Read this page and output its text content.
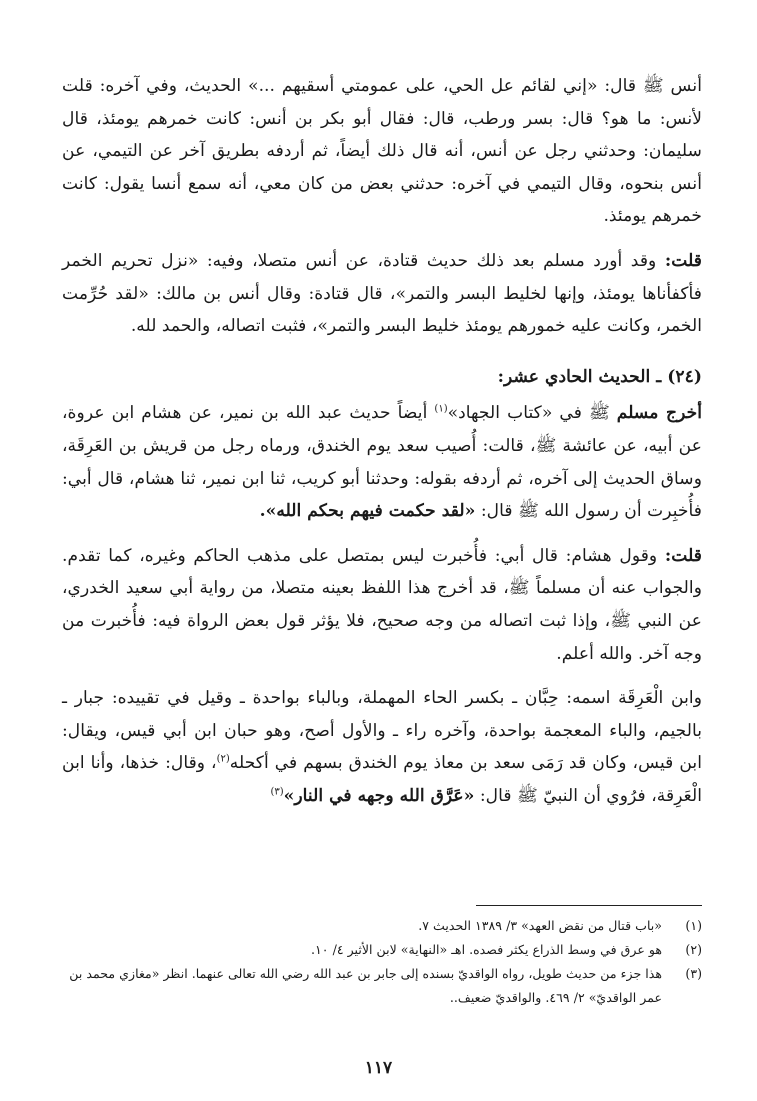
أنس ﷺ قال: «إني لقائم عل الحي، على عمومتي أسقيهم ...» الحديث، وفي آخره: قلت لأنس: ما هو؟ قال: بسر ورطب، قال: فقال أبو بكر بن أنس: كانت خمرهم يومئذ، قال سليمان: وحدثني رجل عن أنس، أنه قال ذلك أيضاً، ثم أردفه بطريق آخر عن التيمي، عن أنس بنحوه، وقال التيمي في آخره: حدثني بعض من كان معي، أنه سمع أنسا يقول: كانت خمرهم يومئذ.

قلت: وقد أورد مسلم بعد ذلك حديث قتادة، عن أنس متصلا، وفيه: «نزل تحريم الخمر فأكفأناها يومئذ، وإنها لخليط البسر والتمر»، قال قتادة: وقال أنس بن مالك: «لقد حُرِّمت الخمر، وكانت عليه خمورهم يومئذ خليط البسر والتمر»، فثبت اتصاله، والحمد لله.

(٢٤) ـ الحديث الحادي عشر:

أخرج مسلم ﷺ في «كتاب الجهاد»$^{(١)}$ أيضاً حديث عبد الله بن نمير، عن هشام ابن عروة، عن أبيه، عن عائشة ﷺ، قالت: أُصيب سعد يوم الخندق، ورماه رجل من قريش بن العَرِقَة، وساق الحديث إلى آخره، ثم أردفه بقوله: وحدثنا أبو كريب، ثنا ابن نمير، ثنا هشام، قال أبي: فأُخبِرت أن رسول الله ﷺ قال: «لقد حكمت فيهم بحكم الله».

قلت: وقول هشام: قال أبي: فأُخبرت ليس بمتصل على مذهب الحاكم وغيره، كما تقدم. والجواب عنه أن مسلماً ﷺ، قد أخرج هذا اللفظ بعينه متصلا، من رواية أبي سعيد الخدري، عن النبي ﷺ، وإذا ثبت اتصاله من وجه صحيح، فلا يؤثر قول بعض الرواة فيه: فأُخبرت من وجه آخر. والله أعلم.

وابن الْعَرِقَة اسمه: حِبَّان ـ بكسر الحاء المهملة، وبالباء بواحدة ـ وقيل في تقييده: جبار ـ بالجيم، والباء المعجمة بواحدة، وآخره راء ـ والأول أصح، وهو حبان ابن أبي قيس، ويقال: ابن قيس، وكان قد رَمَى سعد بن معاذ يوم الخندق بسهم في أكحله$^{(٢)}$، وقال: خذها، وأنا ابن الْعَرِقة، فرُوي أن النبيّ ﷺ قال: «عَرَّق الله وجهه في النار»$^{(٣)}$

(١)
«باب قتال من نقض العهد» ٣/ ١٣٨٩ الحديث ٧.
(٢)
هو عرق في وسط الذراع يكثر فصده. اهـ «النهاية» لابن الأثير ٤/ ١٠.
(٣)
هذا جزء من حديث طويل، رواه الواقديّ بسنده إلى جابر بن عبد الله رضي الله تعالى عنهما. انظر «مغازي محمد بن عمر الواقديّ» ٢/ ٤٦٩. والواقديّ ضعيف..
١١٧
